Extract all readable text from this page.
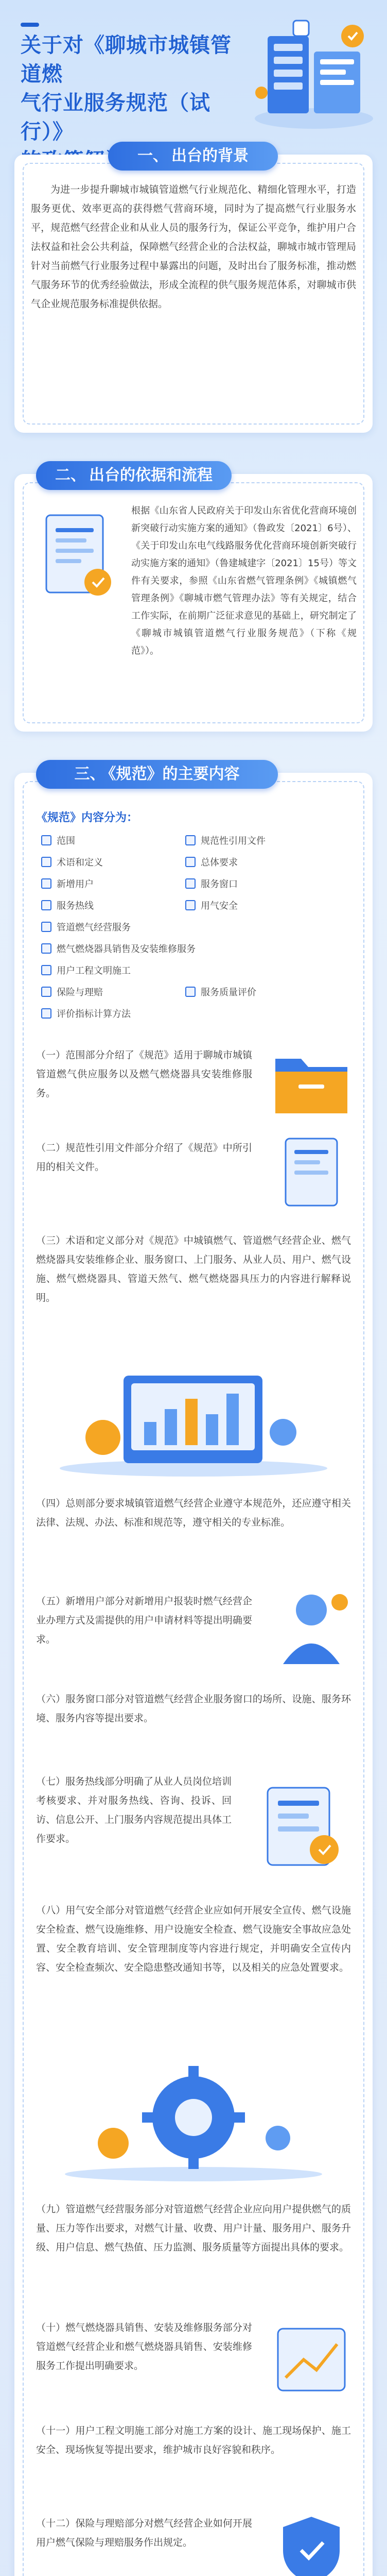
关于对《聊城市城镇管道燃
气行业服务规范（试行）》
一、 出台的背景
为进一步提升聊城市城镇管道燃气行业规范化、精细化管理水平，打造服务更优、效率更高的获得燃气营商环境，同时为了提高燃气行业服务水平，规范燃气经营企业和从业人员的服务行为，保证公平竞争，维护用户合法权益和社会公共利益，保障燃气经营企业的合法权益，聊城市城市管理局针对当前燃气行业服务过程中暴露出的问题，及时出台了服务标准，推动燃气服务环节的优秀经验做法，形成全流程的供气服务规范体系，对聊城市供气企业规范服务标准提供依据。
二、 出台的依据和流程
根据《山东省人民政府关于印发山东省优化营商环境创新突破行动实施方案的通知》（鲁政发〔2021〕6号）、《关于印发山东电气线路服务优化营商环境创新突破行动实施方案的通知》（鲁建城建字〔2021〕15号）等文件有关要求，参照《山东省燃气管理条例》《城镇燃气管理条例》《聊城市燃气管理办法》等有关规定，结合工作实际，在前期广泛征求意见的基础上，研究制定了《聊城市城镇管道燃气行业服务规范》（下称《规范》）。
三、 《规范》的主要内容
《规范》内容分为：
范围	规范性引用文件
术语和定义	总体要求
新增用户	服务窗口
服务热线	用气安全
管道燃气经营服务
燃气燃烧器具销售及安装维修服务
用户工程文明施工
保险与理赔	服务质量评价
评价指标计算方法
（一）范围部分介绍了《规范》适用于聊城市城镇管道燃气供应服务以及燃气燃烧器具安装维修服务。
（二）规范性引用文件部分介绍了《规范》中所引用的相关文件。
（三）术语和定义部分对《规范》中城镇燃气、管道燃气经营企业、燃气燃烧器具安装维修企业、服务窗口、上门服务、从业人员、用户、燃气设施、燃气燃烧器具、管道天然气、燃气燃烧器具压力的内容进行解释说明。
（四）总则部分要求城镇管道燃气经营企业遵守本规范外，还应遵守相关法律、法规、办法、标准和规范等，遵守相关的专业标准。
（五）新增用户部分对新增用户报装时燃气经营企业办理方式及需提供的用户申请材料等提出明确要求。
（六）服务窗口部分对管道燃气经营企业服务窗口的场所、设施、服务环境、服务内容等提出要求。
（七）服务热线部分明确了从业人员岗位培训考核要求、并对服务热线、咨询、投诉、回访、信息公开、上门服务内容规范提出具体工作要求。
（八）用气安全部分对管道燃气经营企业应如何开展安全宣传、燃气设施安全检查、燃气设施维修、用户设施安全检查、燃气设施安全事故应急处置、安全教育培训、安全管理制度等内容进行规定，并明确安全宣传内容、安全检查频次、安全隐患整改通知书等，以及相关的应急处置要求。
（九）管道燃气经营服务部分对管道燃气经营企业应向用户提供燃气的质量、压力等作出要求，对燃气计量、收费、用户计量、服务用户、服务升级、用户信息、燃气热值、压力监测、服务质量等方面提出具体的要求。
（十）燃气燃烧器具销售、安装及维修服务部分对管道燃气经营企业和燃气燃烧器具销售、安装维修服务工作提出明确要求。
（十一）用户工程文明施工部分对施工方案的设计、施工现场保护、施工安全、现场恢复等提出要求，维护城市良好容貌和秩序。
（十二）保险与理赔部分对燃气经营企业如何开展用户燃气保险与理赔服务作出规定。
